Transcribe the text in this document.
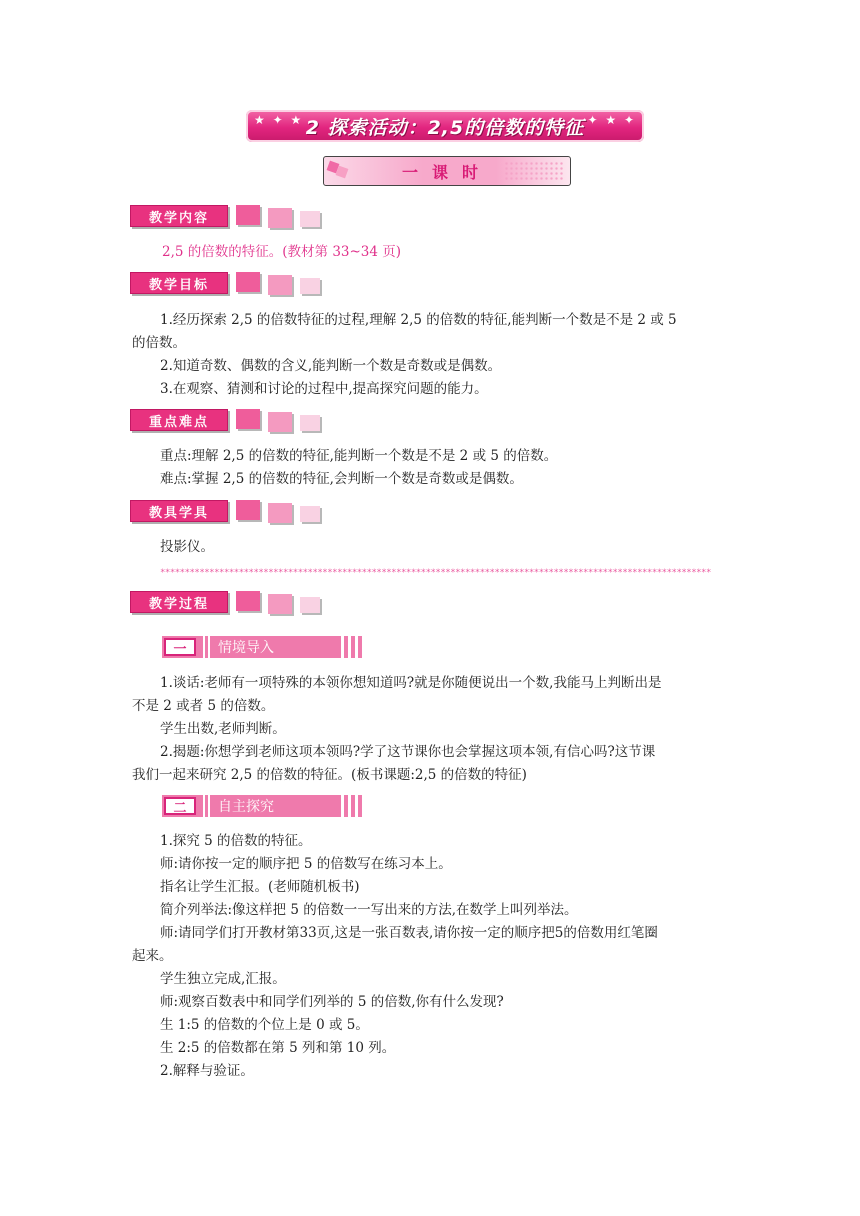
★ ✦ ★ 2 探索活动：2,5的倍数的特征 ✦ ★ ✦
一课时
教学内容
2,5 的倍数的特征。(教材第 33~34 页)
教学目标
1.经历探索 2,5 的倍数特征的过程,理解 2,5 的倍数的特征,能判断一个数是不是 2 或 5
的倍数。
2.知道奇数、偶数的含义,能判断一个数是奇数或是偶数。
3.在观察、猜测和讨论的过程中,提高探究问题的能力。
重点难点
重点:理解 2,5 的倍数的特征,能判断一个数是不是 2 或 5 的倍数。
难点:掌握 2,5 的倍数的特征,会判断一个数是奇数或是偶数。
教具学具
投影仪。
****************************************************************************************************************
教学过程
一	情境导入
1.谈话:老师有一项特殊的本领你想知道吗?就是你随便说出一个数,我能马上判断出是
不是 2 或者 5 的倍数。
学生出数,老师判断。
2.揭题:你想学到老师这项本领吗?学了这节课你也会掌握这项本领,有信心吗?这节课
我们一起来研究 2,5 的倍数的特征。(板书课题:2,5 的倍数的特征)
二	自主探究
1.探究 5 的倍数的特征。
师:请你按一定的顺序把 5 的倍数写在练习本上。
指名让学生汇报。(老师随机板书)
简介列举法:像这样把 5 的倍数一一写出来的方法,在数学上叫列举法。
师:请同学们打开教材第33页,这是一张百数表,请你按一定的顺序把5的倍数用红笔圈
起来。
学生独立完成,汇报。
师:观察百数表中和同学们列举的 5 的倍数,你有什么发现?
生 1:5 的倍数的个位上是 0 或 5。
生 2:5 的倍数都在第 5 列和第 10 列。
2.解释与验证。
